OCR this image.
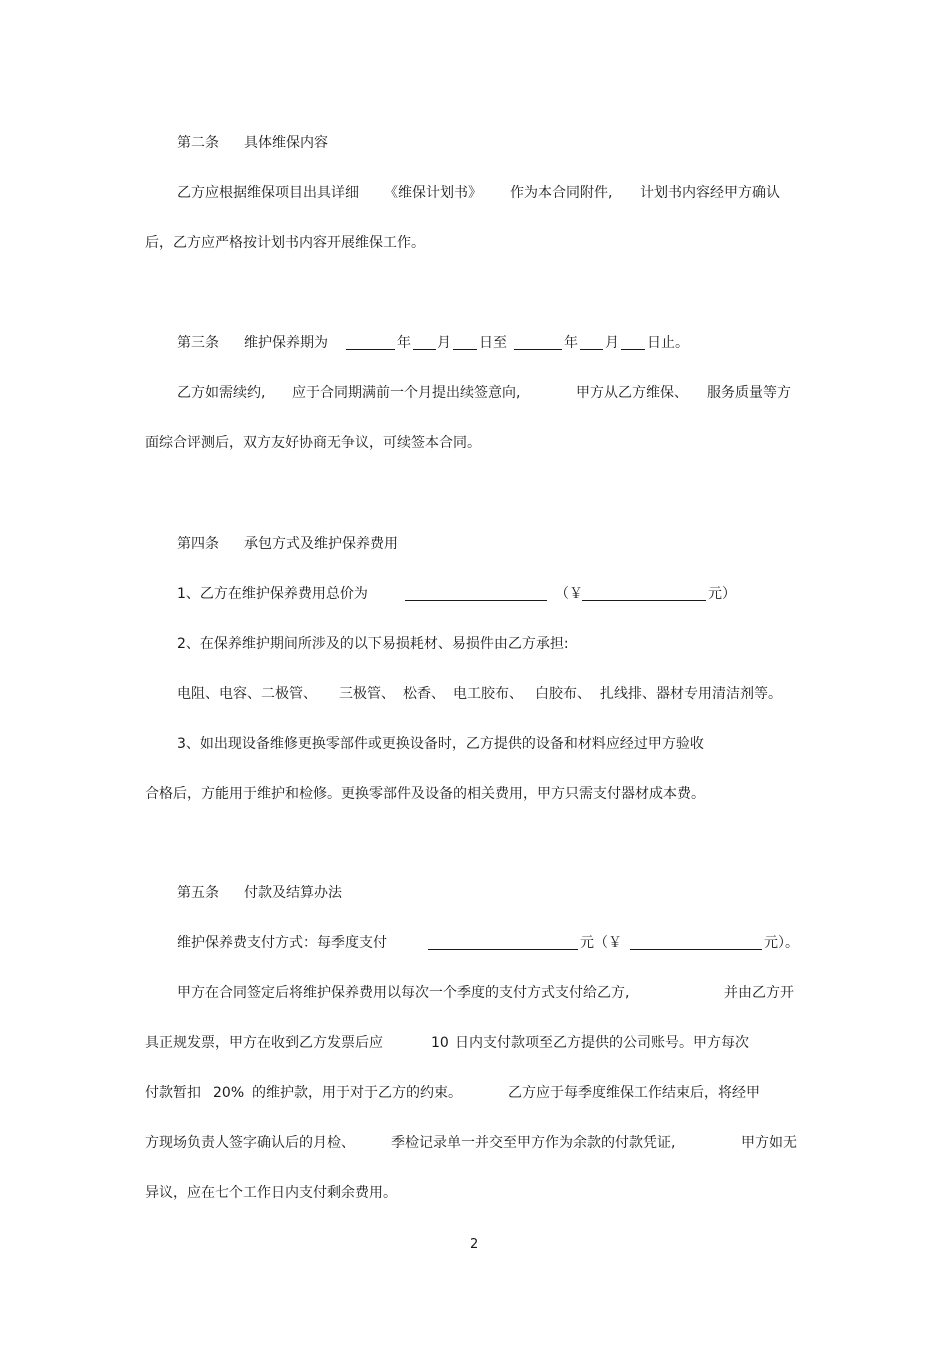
第二条 具体维保内容
乙方应根据维保项目出具详细 《维保计划书》 作为本合同附件, 计划书内容经甲方确认
后，乙方应严格按计划书内容开展维保工作。
第三条 维护保养期为	年 月 日至	年 月 日止。
乙方如需续约, 应于合同期满前一个月提出续签意向,	甲方从乙方维保、 服务质量等方
面综合评测后，双方友好协商无争议，可续签本合同。
第四条 承包方式及维护保养费用
1、乙方在维护保养费用总价为	（￥	元）
2、在保养维护期间所涉及的以下易损耗材、易损件由乙方承担:
电阻、电容、二极管、 三极管、 松香、 电工胶布、 白胶布、 扎线排、器材专用清洁剂等。
3、如出现设备维修更换零部件或更换设备时，乙方提供的设备和材料应经过甲方验收
合格后，方能用于维护和检修。更换零部件及设备的相关费用，甲方只需支付器材成本费。
第五条 付款及结算办法
维护保养费支付方式：每季度支付	元（￥	元）。
甲方在合同签定后将维护保养费用以每次一个季度的支付方式支付给乙方,	并由乙方开
具正规发票，甲方在收到乙方发票后应	10 日内支付款项至乙方提供的公司账号。甲方每次
付款暂扣 20% 的维护款，用于对于乙方的约束。	乙方应于每季度维保工作结束后，将经甲
方现场负责人签字确认后的月检、	季检记录单一并交至甲方作为余款的付款凭证,	甲方如无
异议，应在七个工作日内支付剩余费用。
2
